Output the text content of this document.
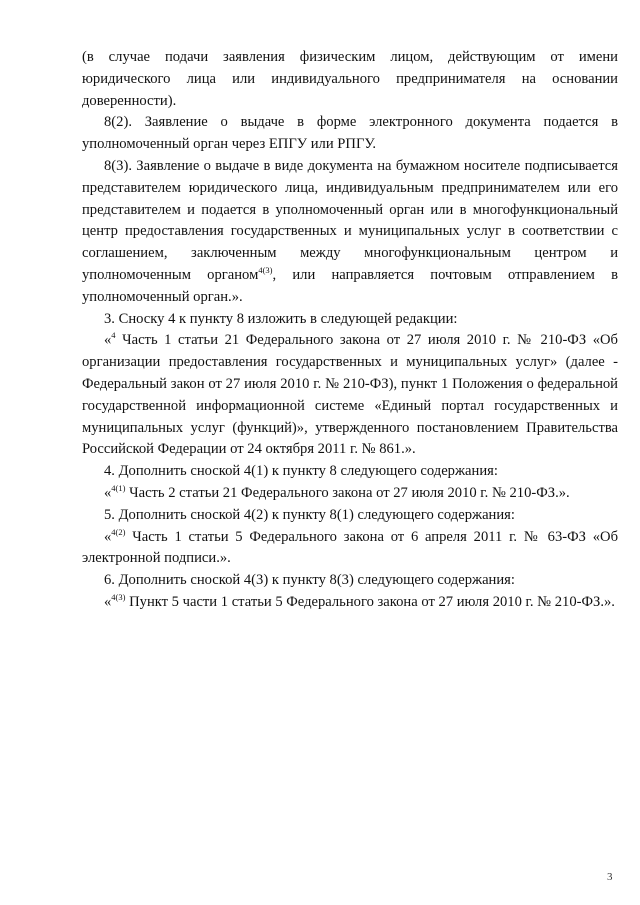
(в случае подачи заявления физическим лицом, действующим от имени юридического лица или индивидуального предпринимателя на основании доверенности).

8(2). Заявление о выдаче в форме электронного документа подается в уполномоченный орган через ЕПГУ или РПГУ.

8(3). Заявление о выдаче в виде документа на бумажном носителе подписывается представителем юридического лица, индивидуальным предпринимателем или его представителем и подается в уполномоченный орган или в многофункциональный центр предоставления государственных и муниципальных услуг в соответствии с соглашением, заключенным между многофункциональным центром и уполномоченным органом$^{4(3)}$, или направляется почтовым отправлением в уполномоченный орган.».

3. Сноску 4 к пункту 8 изложить в следующей редакции:

«$^4$ Часть 1 статьи 21 Федерального закона от 27 июля 2010 г. № 210-ФЗ «Об организации предоставления государственных и муниципальных услуг» (далее - Федеральный закон от 27 июля 2010 г. № 210-ФЗ), пункт 1 Положения о федеральной государственной информационной системе «Единый портал государственных и муниципальных услуг (функций)», утвержденного постановлением Правительства Российской Федерации от 24 октября 2011 г. № 861.».

4. Дополнить сноской 4(1) к пункту 8 следующего содержания:

«$^{4(1)}$ Часть 2 статьи 21 Федерального закона от 27 июля 2010 г. № 210-ФЗ.».

5. Дополнить сноской 4(2) к пункту 8(1) следующего содержания:

«$^{4(2)}$ Часть 1 статьи 5 Федерального закона от 6 апреля 2011 г. № 63-ФЗ «Об электронной подписи.».

6. Дополнить сноской 4(3) к пункту 8(3) следующего содержания:

«$^{4(3)}$ Пункт 5 части 1 статьи 5 Федерального закона от 27 июля 2010 г. № 210-ФЗ.».

3
